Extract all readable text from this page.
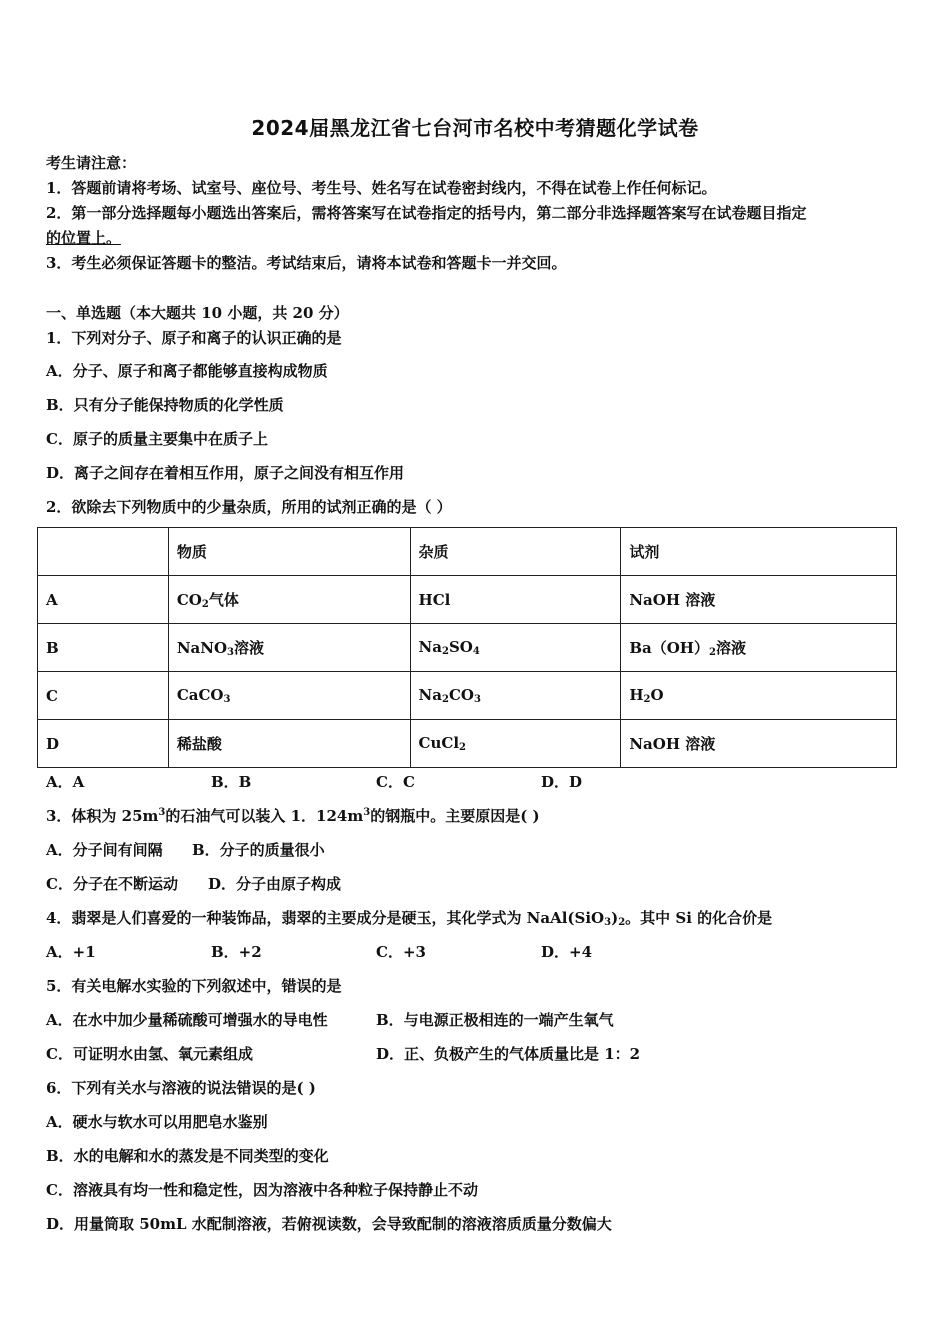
2024届黑龙江省七台河市名校中考猜题化学试卷
考生请注意：
1．答题前请将考场、试室号、座位号、考生号、姓名写在试卷密封线内，不得在试卷上作任何标记。
2．第一部分选择题每小题选出答案后，需将答案写在试卷指定的括号内，第二部分非选择题答案写在试卷题目指定
的位置上。
3．考生必须保证答题卡的整洁。考试结束后，请将本试卷和答题卡一并交回。
一、单选题（本大题共 10 小题，共 20 分）
1．下列对分子、原子和离子的认识正确的是
A．分子、原子和离子都能够直接构成物质
B．只有分子能保持物质的化学性质
C．原子的质量主要集中在质子上
D．离子之间存在着相互作用，原子之间没有相互作用
2．欲除去下列物质中的少量杂质，所用的试剂正确的是（ ）
	物质	杂质	试剂
A	$CO_2$气体	HCl	NaOH 溶液
B	NaNO$_3$溶液	$Na_2SO_4$	$Ba(OH)_2$溶液
C	CaCO$_3$	$Na_2CO_3$	$H_2O$
D	稀盐酸	CuCl$_2$	NaOH 溶液
A．A	B．B	C．C	D．D
3．体积为 $25m^3$的石油气可以装入 1．$124m^3$的钢瓶中。主要原因是( )
A．分子间有间隔 B．分子的质量很小
C．分子在不断运动 D．分子由原子构成
4．翡翠是人们喜爱的一种装饰品，翡翠的主要成分是硬玉，其化学式为 $NaAl(SiO_3)_2$。其中 Si 的化合价是
A．+1	B．+2	C．+3	D．+4
5．有关电解水实验的下列叙述中，错误的是
A．在水中加少量稀硫酸可增强水的导电性	B．与电源正极相连的一端产生氧气
C．可证明水由氢、氧元素组成	D．正、负极产生的气体质量比是 1：2
6．下列有关水与溶液的说法错误的是( )
A．硬水与软水可以用肥皂水鉴别
B．水的电解和水的蒸发是不同类型的变化
C．溶液具有均一性和稳定性，因为溶液中各种粒子保持静止不动
D．用量筒取 50mL 水配制溶液，若俯视读数，会导致配制的溶液溶质质量分数偏大
